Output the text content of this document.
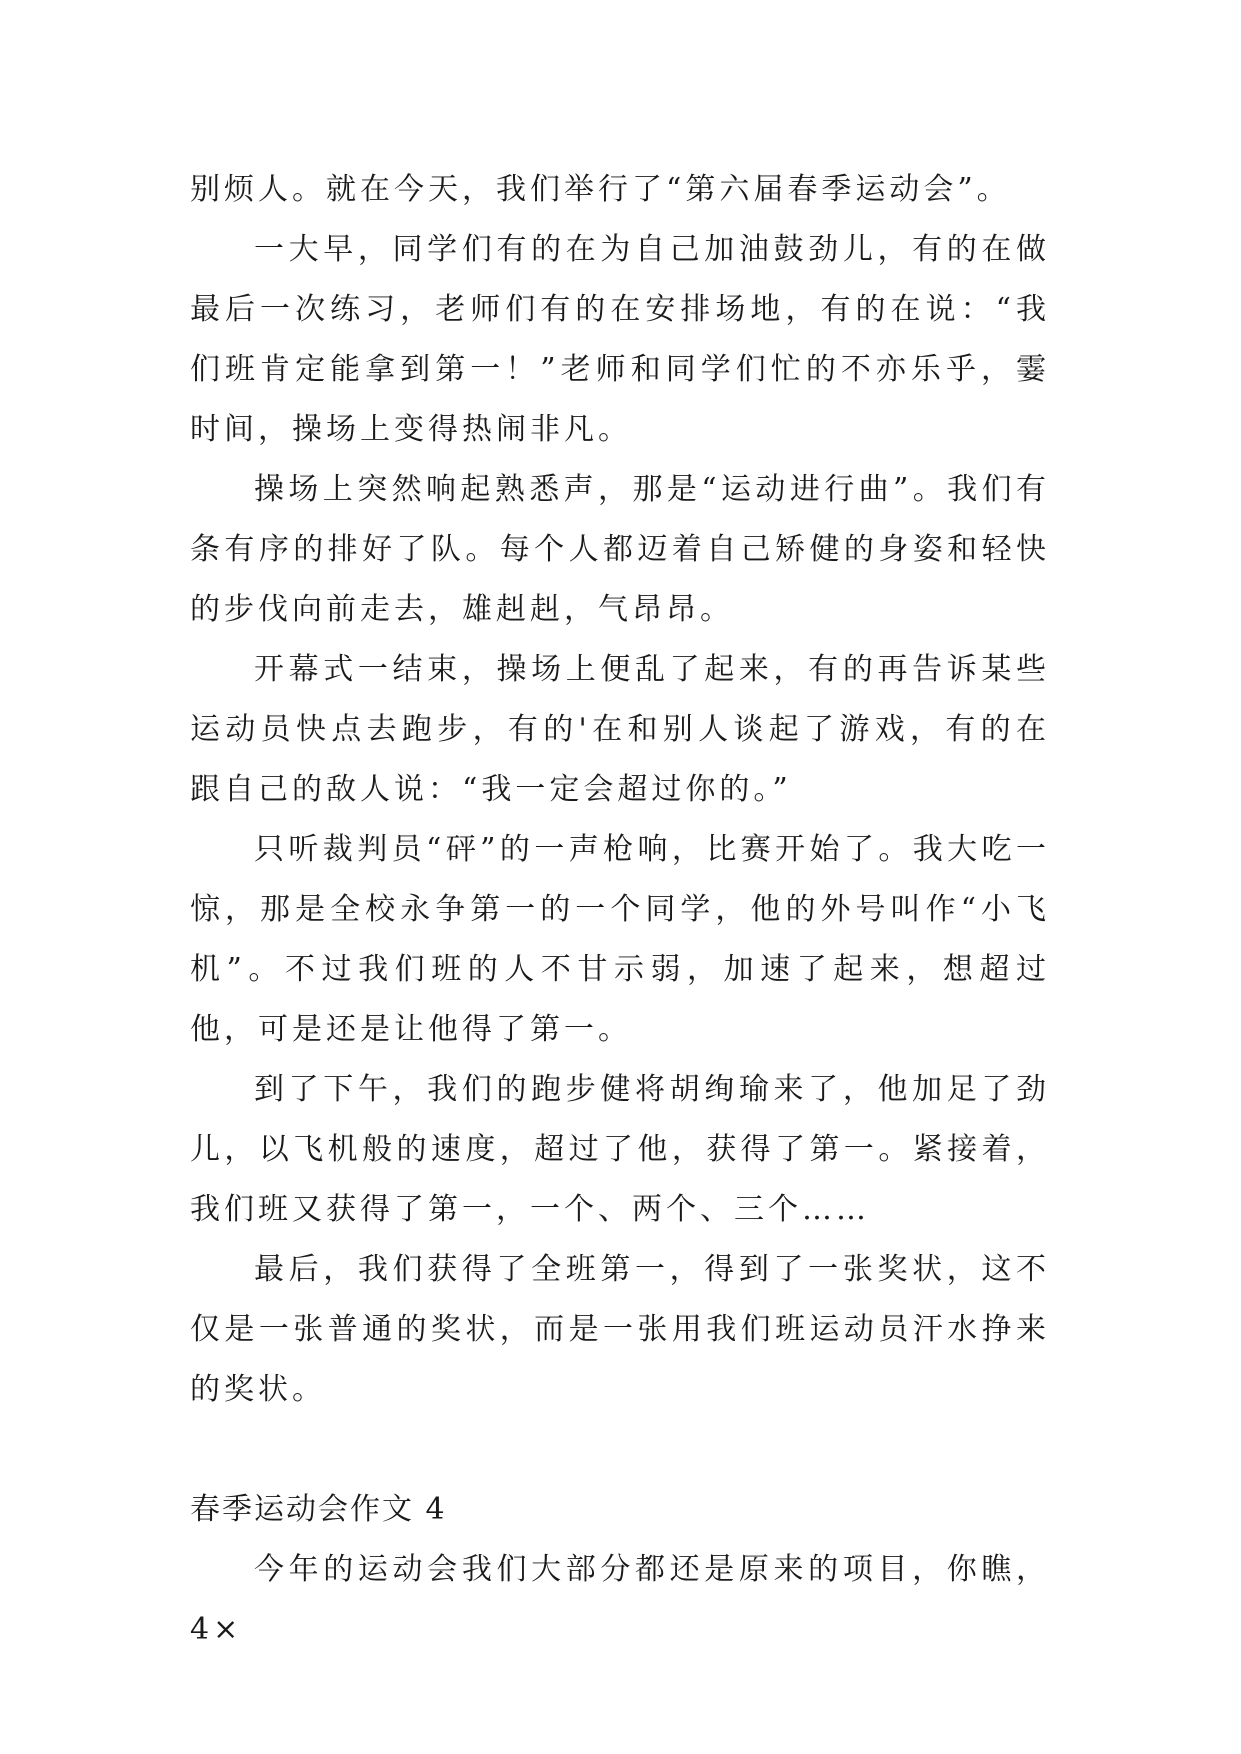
别烦人。就在今天，我们举行了“第六届春季运动会”。

一大早，同学们有的在为自己加油鼓劲儿，有的在做最后一次练习，老师们有的在安排场地，有的在说：“我们班肯定能拿到第一！”老师和同学们忙的不亦乐乎，霎时间，操场上变得热闹非凡。

操场上突然响起熟悉声，那是“运动进行曲”。我们有条有序的排好了队。每个人都迈着自己矫健的身姿和轻快的步伐向前走去，雄赳赳，气昂昂。

开幕式一结束，操场上便乱了起来，有的再告诉某些运动员快点去跑步，有的'在和别人谈起了游戏，有的在跟自己的敌人说：“我一定会超过你的。”

只听裁判员“砰”的一声枪响，比赛开始了。我大吃一惊，那是全校永争第一的一个同学，他的外号叫作“小飞机”。不过我们班的人不甘示弱，加速了起来，想超过他，可是还是让他得了第一。

到了下午，我们的跑步健将胡绚瑜来了，他加足了劲儿，以飞机般的速度，超过了他，获得了第一。紧接着，我们班又获得了第一，一个、两个、三个……

最后，我们获得了全班第一，得到了一张奖状，这不仅是一张普通的奖状，而是一张用我们班运动员汗水挣来的奖状。

春季运动会作文 4

今年的运动会我们大部分都还是原来的项目，你瞧，4×
